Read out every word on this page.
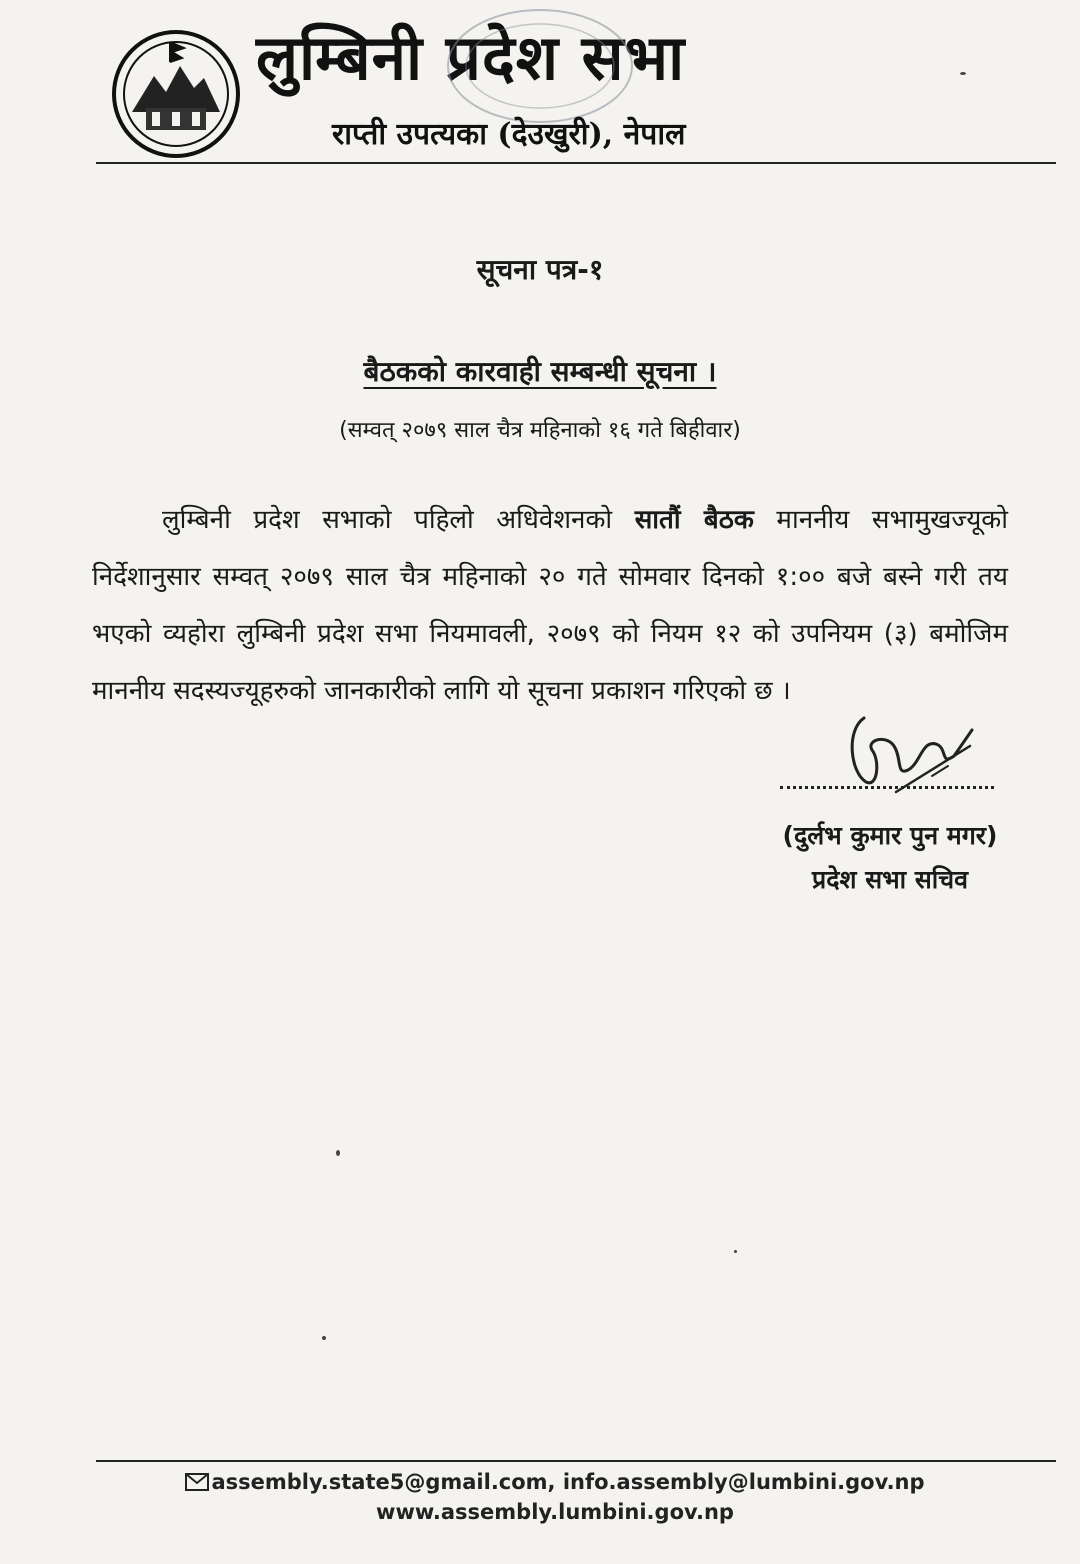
लुम्बिनी प्रदेश सभा
राप्ती उपत्यका (देउखुरी), नेपाल
सूचना पत्र-१
बैठकको कारवाही सम्बन्धी सूचना ।
(सम्वत् २०७९ साल चैत्र महिनाको १६ गते बिहीवार)
लुम्बिनी प्रदेश सभाको पहिलो अधिवेशनको सातौं बैठक माननीय सभामुखज्यूको निर्देशानुसार सम्वत् २०७९ साल चैत्र महिनाको २० गते सोमवार दिनको १:०० बजे बस्ने गरी तय भएको व्यहोरा लुम्बिनी प्रदेश सभा नियमावली, २०७९ को नियम १२ को उपनियम (३) बमोजिम माननीय सदस्यज्यूहरुको जानकारीको लागि यो सूचना प्रकाशन गरिएको छ ।
(दुर्लभ कुमार पुन मगर)
प्रदेश सभा सचिव
assembly.state5@gmail.com, info.assembly@lumbini.gov.np
www.assembly.lumbini.gov.np
